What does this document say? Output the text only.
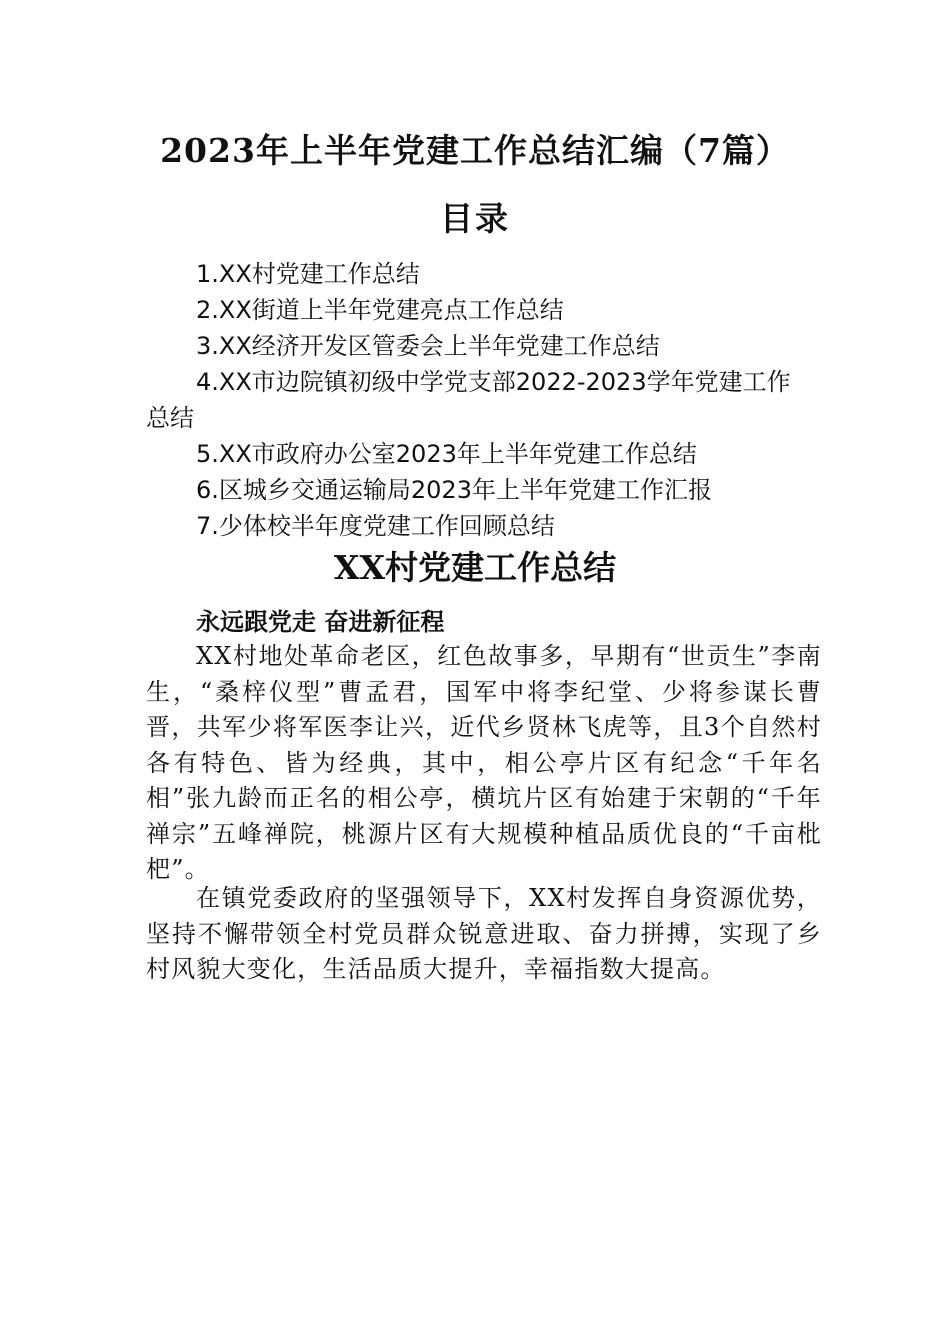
2023年上半年党建工作总结汇编（7篇）
目录
1.XX村党建工作总结
2.XX街道上半年党建亮点工作总结
3.XX经济开发区管委会上半年党建工作总结
4.XX市边院镇初级中学党支部2022-2023学年党建工作总结
5.XX市政府办公室2023年上半年党建工作总结
6.区城乡交通运输局2023年上半年党建工作汇报
7.少体校半年度党建工作回顾总结
XX村党建工作总结
永远跟党走 奋进新征程

XX村地处革命老区，红色故事多，早期有“世贡生”李南生，“桑梓仪型”曹孟君，国军中将李纪堂、少将参谋长曹晋，共军少将军医李让兴，近代乡贤林飞虎等，且3个自然村各有特色、皆为经典，其中，相公亭片区有纪念“千年名相”张九龄而正名的相公亭，横坑片区有始建于宋朝的“千年禅宗”五峰禅院，桃源片区有大规模种植品质优良的“千亩枇杷”。

在镇党委政府的坚强领导下，XX村发挥自身资源优势，坚持不懈带领全村党员群众锐意进取、奋力拼搏，实现了乡村风貌大变化，生活品质大提升，幸福指数大提高。
